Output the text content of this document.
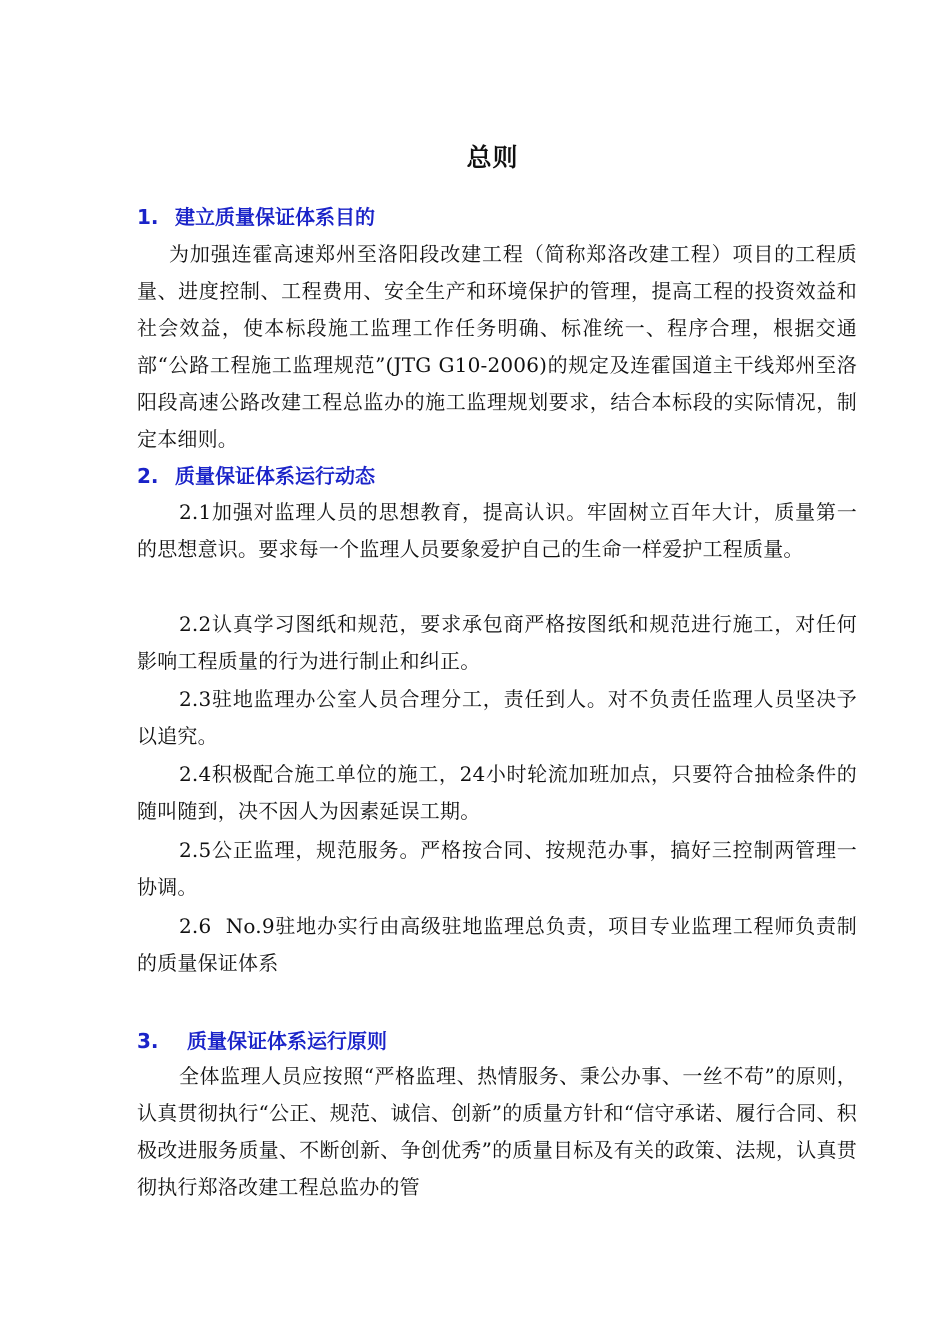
总则
1. 建立质量保证体系目的
为加强连霍高速郑州至洛阳段改建工程（简称郑洛改建工程）项目的工程质量、进度控制、工程费用、安全生产和环境保护的管理，提高工程的投资效益和社会效益，使本标段施工监理工作任务明确、标准统一、程序合理，根据交通部“公路工程施工监理规范”(JTG G10-2006)的规定及连霍国道主干线郑州至洛阳段高速公路改建工程总监办的施工监理规划要求，结合本标段的实际情况，制定本细则。
2. 质量保证体系运行动态
2.1加强对监理人员的思想教育，提高认识。牢固树立百年大计，质量第一的思想意识。要求每一个监理人员要象爱护自己的生命一样爱护工程质量。
2.2认真学习图纸和规范，要求承包商严格按图纸和规范进行施工，对任何影响工程质量的行为进行制止和纠正。
2.3驻地监理办公室人员合理分工，责任到人。对不负责任监理人员坚决予以追究。
2.4积极配合施工单位的施工，24小时轮流加班加点，只要符合抽检条件的随叫随到，决不因人为因素延误工期。
2.5公正监理，规范服务。严格按合同、按规范办事，搞好三控制两管理一协调。
2.6  No.9驻地办实行由高级驻地监理总负责，项目专业监理工程师负责制的质量保证体系
3. 质量保证体系运行原则
全体监理人员应按照“严格监理、热情服务、秉公办事、一丝不苟”的原则，认真贯彻执行“公正、规范、诚信、创新”的质量方针和“信守承诺、履行合同、积极改进服务质量、不断创新、争创优秀”的质量目标及有关的政策、法规，认真贯彻执行郑洛改建工程总监办的管
